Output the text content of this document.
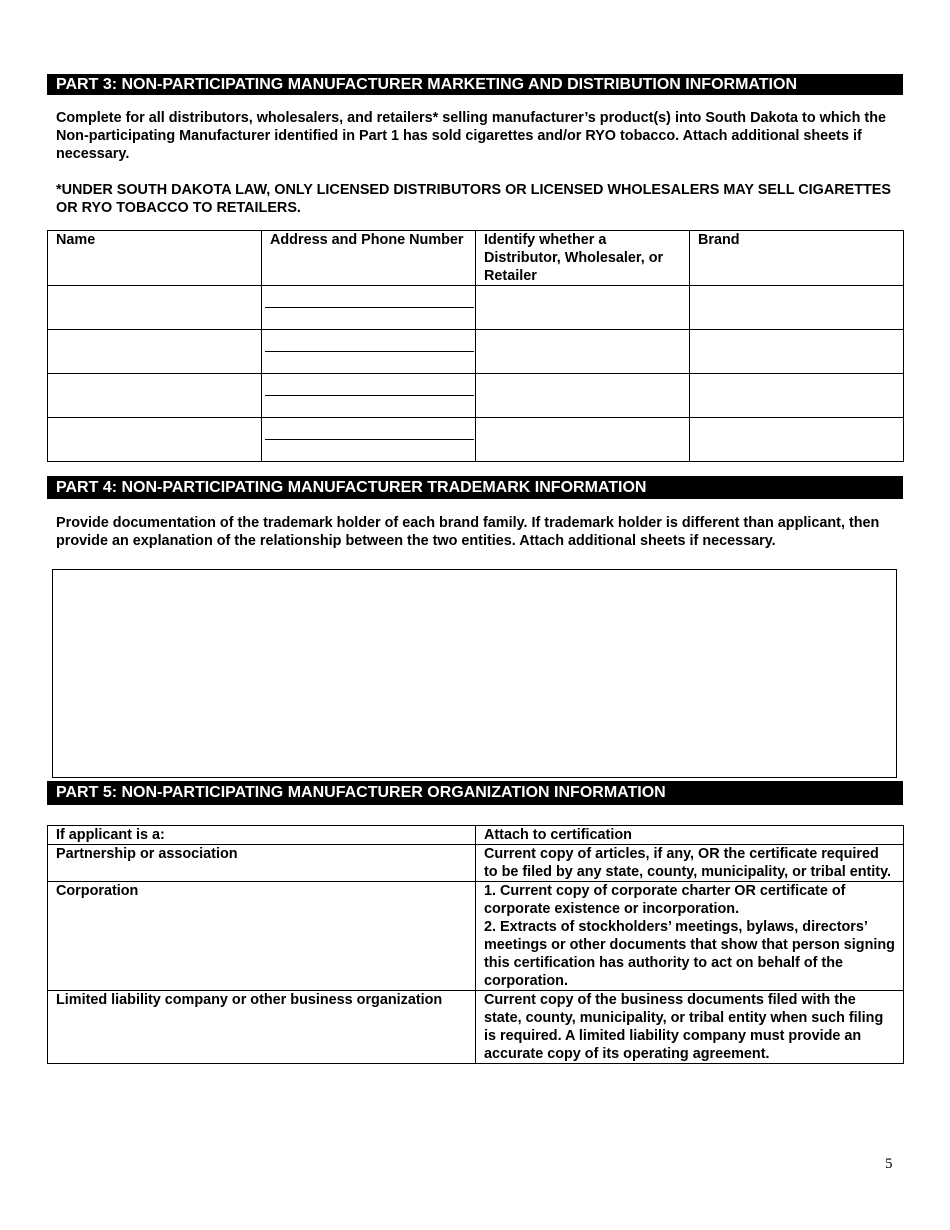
PART 3: NON-PARTICIPATING MANUFACTURER MARKETING AND DISTRIBUTION INFORMATION

Complete for all distributors, wholesalers, and retailers* selling manufacturer’s product(s) into South Dakota to which the Non-participating Manufacturer identified in Part 1 has sold cigarettes and/or RYO tobacco. Attach additional sheets if necessary.

*UNDER SOUTH DAKOTA LAW, ONLY LICENSED DISTRIBUTORS OR LICENSED WHOLESALERS MAY SELL CIGARETTES OR RYO TOBACCO TO RETAILERS.

Name	Address and Phone Number	Identify whether a Distributor, Wholesaler, or Retailer	Brand

PART 4: NON-PARTICIPATING MANUFACTURER TRADEMARK INFORMATION

Provide documentation of the trademark holder of each brand family. If trademark holder is different than applicant, then provide an explanation of the relationship between the two entities. Attach additional sheets if necessary.

PART 5: NON-PARTICIPATING MANUFACTURER ORGANIZATION INFORMATION
If applicant is a:	Attach to certification
Partnership or association	Current copy of articles, if any, OR the certificate required to be filed by any state, county, municipality, or tribal entity.
Corporation	1. Current copy of corporate charter OR certificate of corporate existence or incorporation.
2. Extracts of stockholders’ meetings, bylaws, directors’ meetings or other documents that show that person signing this certification has authority to act on behalf of the corporation.

Limited liability company or other business organization	Current copy of the business documents filed with the state, county, municipality, or tribal entity when such filing is required. A limited liability company must provide an accurate copy of its operating agreement.
5
